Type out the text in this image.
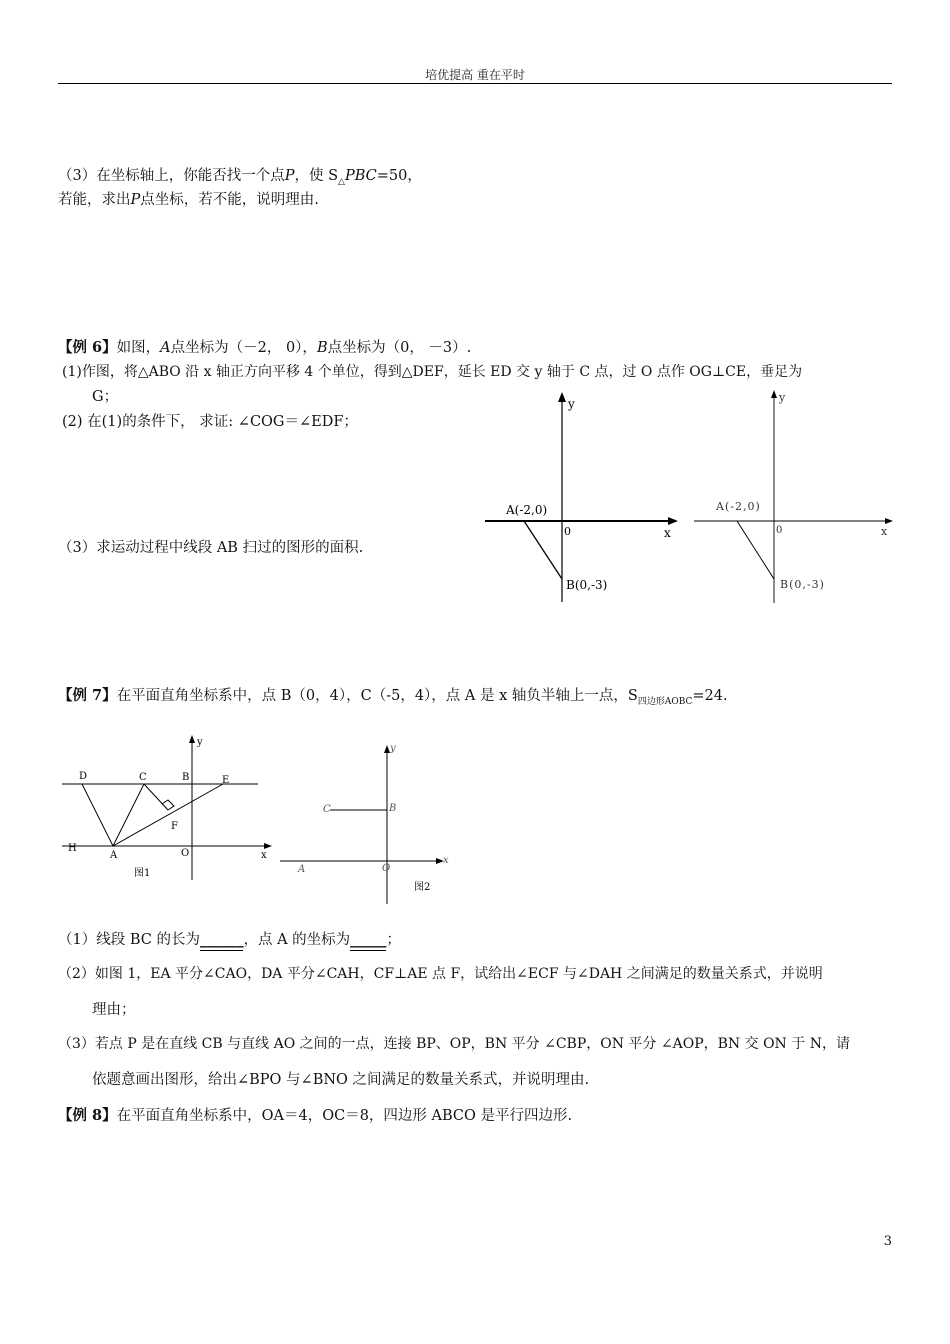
培优提高 重在平时
（3）在坐标轴上，你能否找一个点P，使 $S_\triangle PBC=50$，
若能，求出P点坐标，若不能，说明理由.
【例 6】如图，A点坐标为（－2， 0），B点坐标为（0， －3）.
(1)作图，将△ABO 沿 x 轴正方向平移 4 个单位，得到△DEF，延长 ED 交 y 轴于 C 点，过 O 点作 OG⊥CE，垂足为
G；
(2) 在(1)的条件下， 求证: ∠COG＝∠EDF；
（3）求运动过程中线段 AB 扫过的图形的面积.
y
x
0
A(-2,0)
B(0,-3)
y
x
0
A(-2,0)
B(0,-3)
【例 7】在平面直角坐标系中，点 B（0，4），C（-5，4），点 A 是 x 轴负半轴上一点，$S_{四边形AOBC}=24$.
y
x
D	C	B	E
F
H
A	O
图1
y
x
C	B
A	O
图2
（1）线段 BC 的长为______，点 A 的坐标为_____；
（2）如图 1，EA 平分∠CAO，DA 平分∠CAH，CF⊥AE 点 F，试给出∠ECF 与∠DAH 之间满足的数量关系式，并说明
理由；
（3）若点 P 是在直线 CB 与直线 AO 之间的一点，连接 BP、OP，BN 平分 ∠CBP，ON 平分 ∠AOP，BN 交 ON 于 N，请
依题意画出图形，给出∠BPO 与∠BNO 之间满足的数量关系式，并说明理由.
【例 8】在平面直角坐标系中，OA＝4，OC＝8，四边形 ABCO 是平行四边形.
3
